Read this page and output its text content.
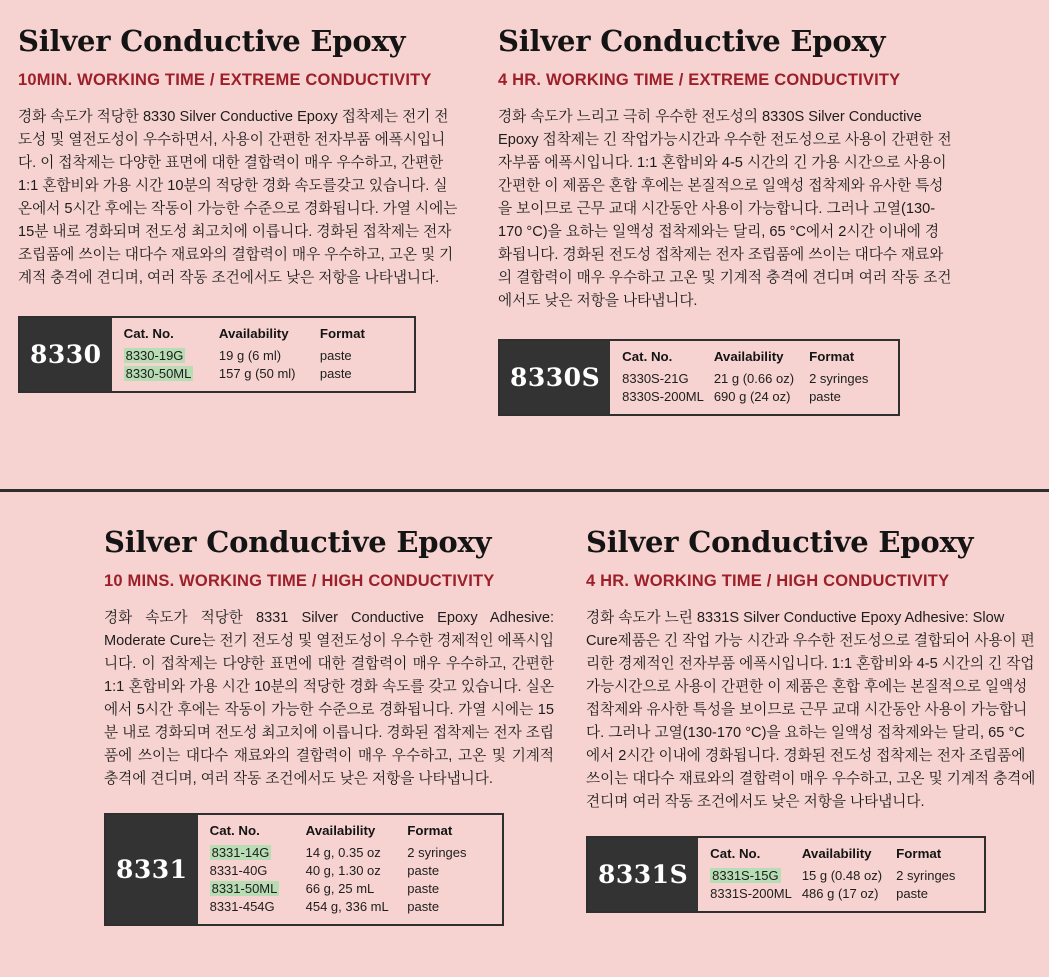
Silver Conductive Epoxy
10MIN. WORKING TIME / EXTREME CONDUCTIVITY

경화 속도가 적당한 8330 Silver Conductive Epoxy 접착제는 전기 전도성 및 열전도성이 우수하면서, 사용이 간편한 전자부품 에폭시입니다. 이 접착제는 다양한 표면에 대한 결합력이 매우 우수하고, 간편한 1:1 혼합비와 가용 시간 10분의 적당한 경화 속도를갖고 있습니다. 실온에서 5시간 후에는 작동이 가능한 수준으로 경화됩니다. 가열 시에는 15분 내로 경화되며 전도성 최고치에 이릅니다. 경화된 접착제는 전자 조립품에 쓰이는 대다수 재료와의 결합력이 매우 우수하고, 고온 및 기계적 충격에 견디며, 여러 작동 조건에서도 낮은 저항을 나타냅니다.

8330
Cat. No.	Availability	Format
8330-19G	19 g (6 ml)	paste
8330-50ML	157 g (50 ml)	paste
Silver Conductive Epoxy
4 HR. WORKING TIME / EXTREME CONDUCTIVITY

경화 속도가 느리고 극히 우수한 전도성의 8330S Silver Conductive Epoxy 접착제는 긴 작업가능시간과 우수한 전도성으로 사용이 간편한 전자부품 에폭시입니다. 1:1 혼합비와 4-5 시간의 긴 가용 시간으로 사용이 간편한 이 제품은 혼합 후에는 본질적으로 일액성 접착제와 유사한 특성을 보이므로 근무 교대 시간동안 사용이 가능합니다. 그러나 고열(130-170 °C)을 요하는 일액성 접착제와는 달리, 65 °C에서 2시간 이내에 경화됩니다. 경화된 전도성 접착제는 전자 조립품에 쓰이는 대다수 재료와의 결합력이 매우 우수하고 고온 및 기계적 충격에 견디며 여러 작동 조건에서도 낮은 저항을 나타냅니다.

8330S
Cat. No.	Availability	Format
8330S-21G	21 g (0.66 oz)	2 syringes
8330S-200ML	690 g (24 oz)	paste
Silver Conductive Epoxy
10 MINS. WORKING TIME / HIGH CONDUCTIVITY

경화 속도가 적당한 8331 Silver Conductive Epoxy Adhesive: Moderate Cure는 전기 전도성 및 열전도성이 우수한 경제적인 에폭시입니다. 이 접착제는 다양한 표면에 대한 결합력이 매우 우수하고, 간편한 1:1 혼합비와 가용 시간 10분의 적당한 경화 속도를 갖고 있습니다. 실온에서 5시간 후에는 작동이 가능한 수준으로 경화됩니다. 가열 시에는 15분 내로 경화되며 전도성 최고치에 이릅니다. 경화된 접착제는 전자 조립품에 쓰이는 대다수 재료와의 결합력이 매우 우수하고, 고온 및 기계적 충격에 견디며, 여러 작동 조건에서도 낮은 저항을 나타냅니다.

8331
Cat. No.	Availability	Format
8331-14G	14 g, 0.35 oz	2 syringes
8331-40G	40 g, 1.30 oz	paste
8331-50ML	66 g, 25 mL	paste
8331-454G	454 g, 336 mL	paste
Silver Conductive Epoxy
4 HR. WORKING TIME / HIGH CONDUCTIVITY

경화 속도가 느린 8331S Silver Conductive Epoxy Adhesive: Slow Cure제품은 긴 작업 가능 시간과 우수한 전도성으로 결합되어 사용이 편리한 경제적인 전자부품 에폭시입니다. 1:1 혼합비와 4-5 시간의 긴 작업 가능시간으로 사용이 간편한 이 제품은 혼합 후에는 본질적으로 일액성 접착제와 유사한 특성을 보이므로 근무 교대 시간동안 사용이 가능합니다. 그러나 고열(130-170 °C)을 요하는 일액성 접착제와는 달리, 65 °C에서 2시간 이내에 경화됩니다. 경화된 전도성 접착제는 전자 조립품에 쓰이는 대다수 재료와의 결합력이 매우 우수하고, 고온 및 기계적 충격에 견디며 여러 작동 조건에서도 낮은 저항을 나타냅니다.

8331S
Cat. No.	Availability	Format
8331S-15G	15 g (0.48 oz)	2 syringes
8331S-200ML	486 g (17 oz)	paste
